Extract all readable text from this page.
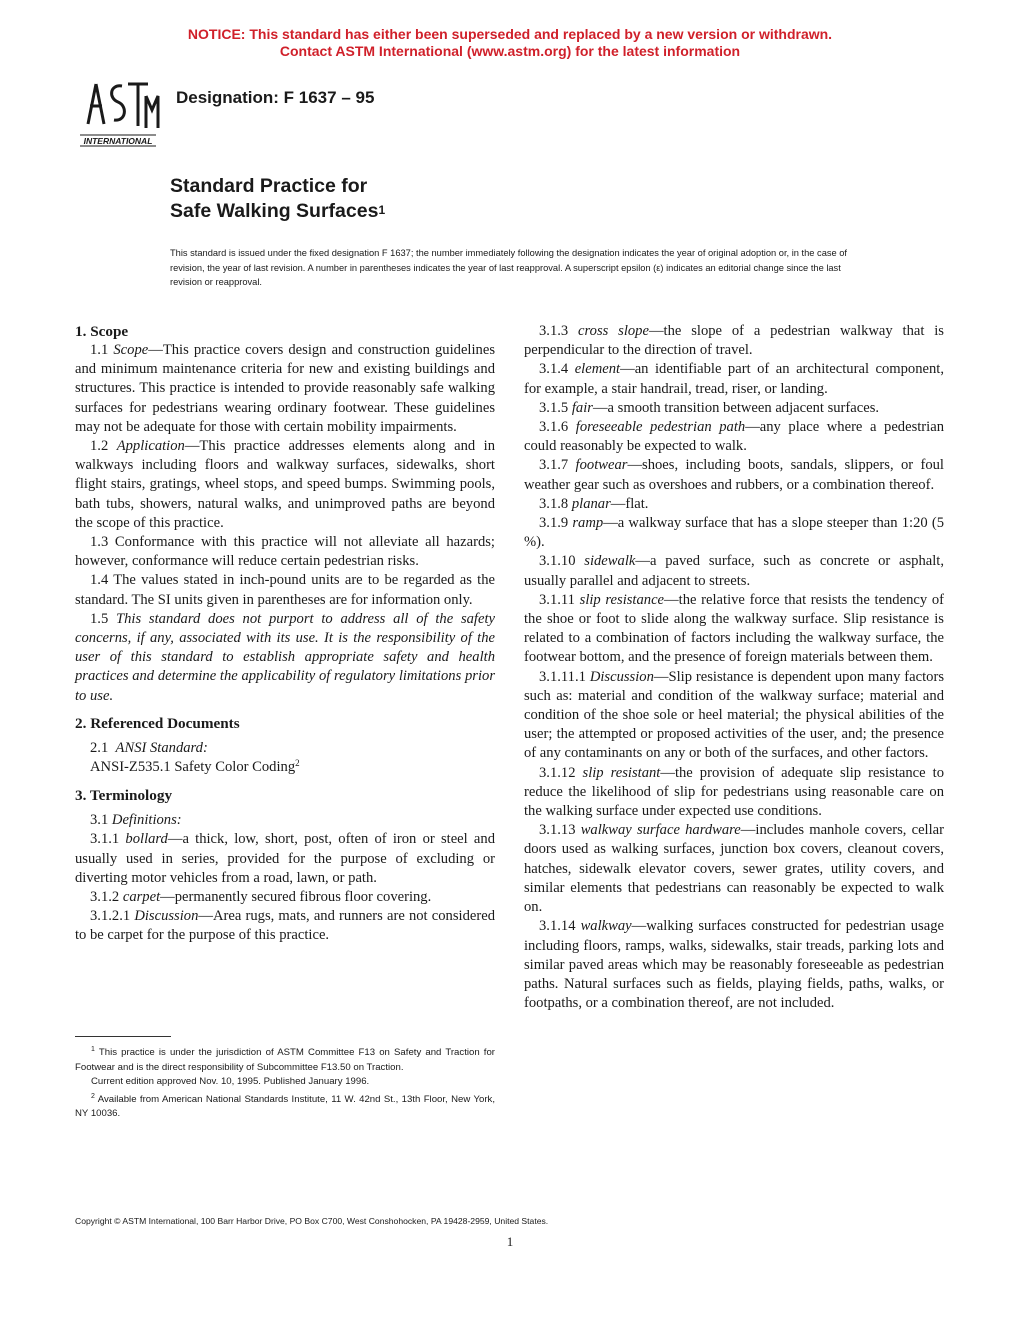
NOTICE: This standard has either been superseded and replaced by a new version or withdrawn.
Contact ASTM International (www.astm.org) for the latest information
INTERNATIONAL
Designation: F 1637 – 95
Standard Practice for
Safe Walking Surfaces$^1$
This standard is issued under the fixed designation F 1637; the number immediately following the designation indicates the year of original adoption or, in the case of revision, the year of last revision. A number in parentheses indicates the year of last reapproval. A superscript epsilon (ε) indicates an editorial change since the last revision or reapproval.
1. Scope

1.1 Scope—This practice covers design and construction guidelines and minimum maintenance criteria for new and existing buildings and structures. This practice is intended to provide reasonably safe walking surfaces for pedestrians wearing ordinary footwear. These guidelines may not be adequate for those with certain mobility impairments.

1.2 Application—This practice addresses elements along and in walkways including floors and walkway surfaces, sidewalks, short flight stairs, gratings, wheel stops, and speed bumps. Swimming pools, bath tubs, showers, natural walks, and unimproved paths are beyond the scope of this practice.

1.3 Conformance with this practice will not alleviate all hazards; however, conformance will reduce certain pedestrian risks.

1.4 The values stated in inch-pound units are to be regarded as the standard. The SI units given in parentheses are for information only.

1.5 This standard does not purport to address all of the safety concerns, if any, associated with its use. It is the responsibility of the user of this standard to establish appropriate safety and health practices and determine the applicability of regulatory limitations prior to use.

2. Referenced Documents

2.1 ANSI Standard:

ANSI-Z535.1 Safety Color Coding$^2$

3. Terminology

3.1 Definitions:

3.1.1 bollard—a thick, low, short, post, often of iron or steel and usually used in series, provided for the purpose of excluding or diverting motor vehicles from a road, lawn, or path.

3.1.2 carpet—permanently secured fibrous floor covering.

3.1.2.1 Discussion—Area rugs, mats, and runners are not considered to be carpet for the purpose of this practice.

3.1.3 cross slope—the slope of a pedestrian walkway that is perpendicular to the direction of travel.

3.1.4 element—an identifiable part of an architectural component, for example, a stair handrail, tread, riser, or landing.

3.1.5 fair—a smooth transition between adjacent surfaces.

3.1.6 foreseeable pedestrian path—any place where a pedestrian could reasonably be expected to walk.

3.1.7 footwear—shoes, including boots, sandals, slippers, or foul weather gear such as overshoes and rubbers, or a combination thereof.

3.1.8 planar—flat.

3.1.9 ramp—a walkway surface that has a slope steeper than 1:20 (5 %).

3.1.10 sidewalk—a paved surface, such as concrete or asphalt, usually parallel and adjacent to streets.

3.1.11 slip resistance—the relative force that resists the tendency of the shoe or foot to slide along the walkway surface. Slip resistance is related to a combination of factors including the walkway surface, the footwear bottom, and the presence of foreign materials between them.

3.1.11.1 Discussion—Slip resistance is dependent upon many factors such as: material and condition of the walkway surface; material and condition of the shoe sole or heel material; the physical abilities of the user; the attempted or proposed activities of the user, and; the presence of any contaminants on any or both of the surfaces, and other factors.

3.1.12 slip resistant—the provision of adequate slip resistance to reduce the likelihood of slip for pedestrians using reasonable care on the walking surface under expected use conditions.

3.1.13 walkway surface hardware—includes manhole covers, cellar doors used as walking surfaces, junction box covers, cleanout covers, hatches, sidewalk elevator covers, sewer grates, utility covers, and similar elements that pedestrians can reasonably be expected to walk on.

3.1.14 walkway—walking surfaces constructed for pedestrian usage including floors, ramps, walks, sidewalks, stair treads, parking lots and similar paved areas which may be reasonably foreseeable as pedestrian paths. Natural surfaces such as fields, playing fields, paths, walks, or footpaths, or a combination thereof, are not included.

$^1$ This practice is under the jurisdiction of ASTM Committee F13 on Safety and Traction for Footwear and is the direct responsibility of Subcommittee F13.50 on Traction.

Current edition approved Nov. 10, 1995. Published January 1996.

$^2$ Available from American National Standards Institute, 11 W. 42nd St., 13th Floor, New York, NY 10036.

Copyright © ASTM International, 100 Barr Harbor Drive, PO Box C700, West Conshohocken, PA 19428-2959, United States.
1
